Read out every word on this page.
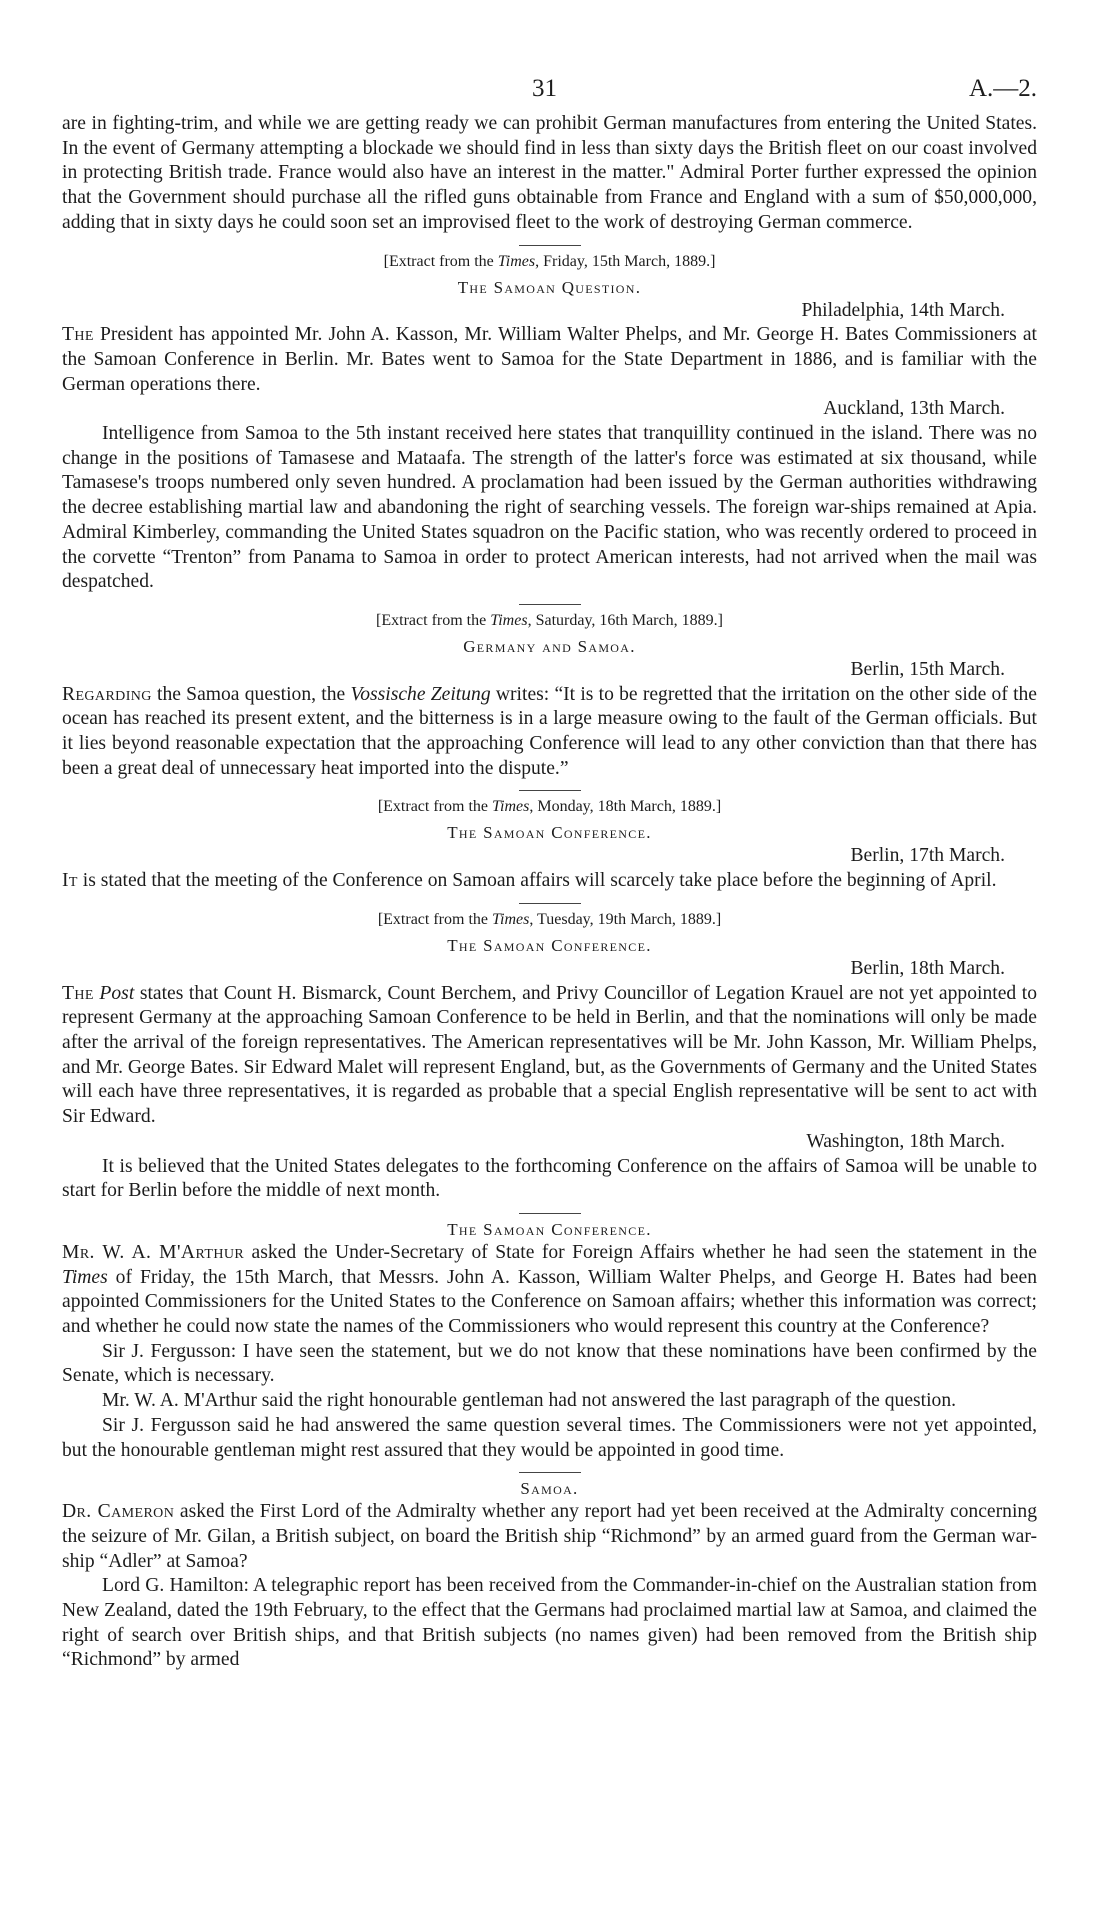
31	A.—2.

are in fighting-trim, and while we are getting ready we can prohibit German manufactures from entering the United States. In the event of Germany attempting a blockade we should find in less than sixty days the British fleet on our coast involved in protecting British trade. France would also have an interest in the matter." Admiral Porter further expressed the opinion that the Government should purchase all the rifled guns obtainable from France and England with a sum of $50,000,000, adding that in sixty days he could soon set an improvised fleet to the work of destroying German commerce.

[Extract from the Times, Friday, 15th March, 1889.]
The Samoan Question.
Philadelphia, 14th March.

The President has appointed Mr. John A. Kasson, Mr. William Walter Phelps, and Mr. George H. Bates Commissioners at the Samoan Conference in Berlin. Mr. Bates went to Samoa for the State Department in 1886, and is familiar with the German operations there.

Auckland, 13th March.

Intelligence from Samoa to the 5th instant received here states that tranquillity continued in the island. There was no change in the positions of Tamasese and Mataafa. The strength of the latter's force was estimated at six thousand, while Tamasese's troops numbered only seven hundred. A proclamation had been issued by the German authorities withdrawing the decree establishing martial law and abandoning the right of searching vessels. The foreign war-ships remained at Apia. Admiral Kimberley, commanding the United States squadron on the Pacific station, who was recently ordered to proceed in the corvette “Trenton” from Panama to Samoa in order to protect American interests, had not arrived when the mail was despatched.

[Extract from the Times, Saturday, 16th March, 1889.]
Germany and Samoa.
Berlin, 15th March.

Regarding the Samoa question, the Vossische Zeitung writes: “It is to be regretted that the irritation on the other side of the ocean has reached its present extent, and the bitterness is in a large measure owing to the fault of the German officials. But it lies beyond reasonable expectation that the approaching Conference will lead to any other conviction than that there has been a great deal of unnecessary heat imported into the dispute.”

[Extract from the Times, Monday, 18th March, 1889.]
The Samoan Conference.
Berlin, 17th March.

It is stated that the meeting of the Conference on Samoan affairs will scarcely take place before the beginning of April.

[Extract from the Times, Tuesday, 19th March, 1889.]
The Samoan Conference.
Berlin, 18th March.

The Post states that Count H. Bismarck, Count Berchem, and Privy Councillor of Legation Krauel are not yet appointed to represent Germany at the approaching Samoan Conference to be held in Berlin, and that the nominations will only be made after the arrival of the foreign representatives. The American representatives will be Mr. John Kasson, Mr. William Phelps, and Mr. George Bates. Sir Edward Malet will represent England, but, as the Governments of Germany and the United States will each have three representatives, it is regarded as probable that a special English representative will be sent to act with Sir Edward.

Washington, 18th March.

It is believed that the United States delegates to the forthcoming Conference on the affairs of Samoa will be unable to start for Berlin before the middle of next month.

The Samoan Conference.

Mr. W. A. M'Arthur asked the Under-Secretary of State for Foreign Affairs whether he had seen the statement in the Times of Friday, the 15th March, that Messrs. John A. Kasson, William Walter Phelps, and George H. Bates had been appointed Commissioners for the United States to the Conference on Samoan affairs; whether this information was correct; and whether he could now state the names of the Commissioners who would represent this country at the Conference?

Sir J. Fergusson: I have seen the statement, but we do not know that these nominations have been confirmed by the Senate, which is necessary.

Mr. W. A. M'Arthur said the right honourable gentleman had not answered the last paragraph of the question.

Sir J. Fergusson said he had answered the same question several times. The Commissioners were not yet appointed, but the honourable gentleman might rest assured that they would be appointed in good time.

Samoa.

Dr. Cameron asked the First Lord of the Admiralty whether any report had yet been received at the Admiralty concerning the seizure of Mr. Gilan, a British subject, on board the British ship “Richmond” by an armed guard from the German war-ship “Adler” at Samoa?

Lord G. Hamilton: A telegraphic report has been received from the Commander-in-chief on the Australian station from New Zealand, dated the 19th February, to the effect that the Germans had proclaimed martial law at Samoa, and claimed the right of search over British ships, and that British subjects (no names given) had been removed from the British ship “Richmond” by armed
